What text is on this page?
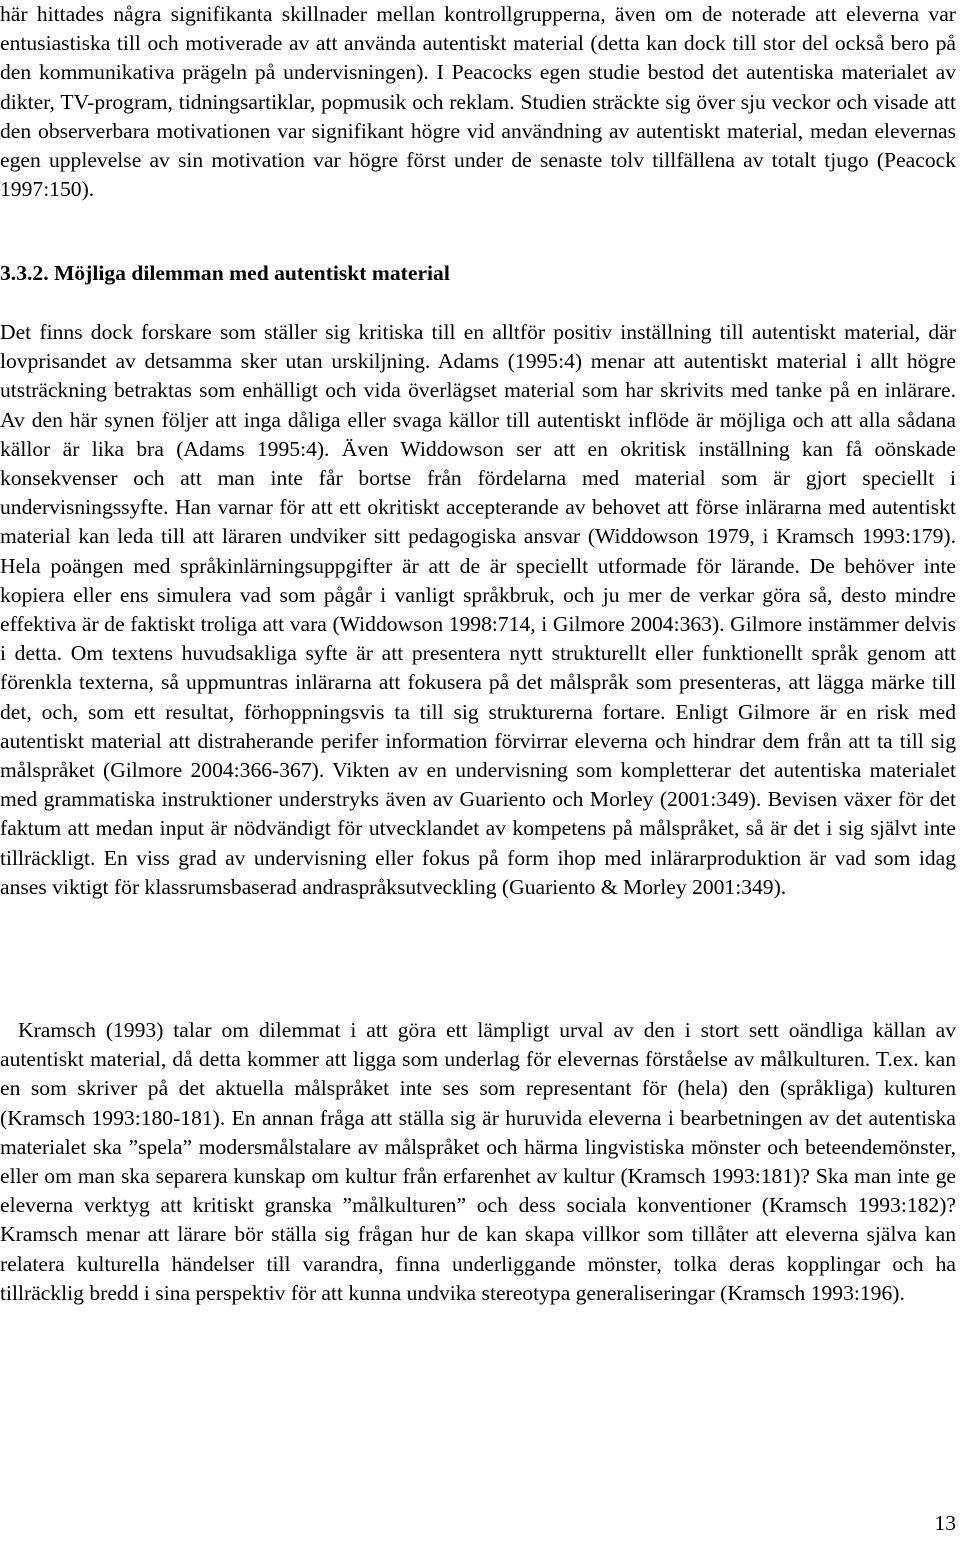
här hittades några signifikanta skillnader mellan kontrollgrupperna, även om de noterade att eleverna var entusiastiska till och motiverade av att använda autentiskt material (detta kan dock till stor del också bero på den kommunikativa prägeln på undervisningen). I Peacocks egen studie bestod det autentiska materialet av dikter, TV-program, tidningsartiklar, popmusik och reklam. Studien sträckte sig över sju veckor och visade att den observerbara motivationen var signifikant högre vid användning av autentiskt material, medan elevernas egen upplevelse av sin motivation var högre först under de senaste tolv tillfällena av totalt tjugo (Peacock 1997:150).

3.3.2. Möjliga dilemman med autentiskt material

Det finns dock forskare som ställer sig kritiska till en alltför positiv inställning till autentiskt material, där lovprisandet av detsamma sker utan urskiljning. Adams (1995:4) menar att autentiskt material i allt högre utsträckning betraktas som enhälligt och vida överlägset material som har skrivits med tanke på en inlärare. Av den här synen följer att inga dåliga eller svaga källor till autentiskt inflöde är möjliga och att alla sådana källor är lika bra (Adams 1995:4). Även Widdowson ser att en okritisk inställning kan få oönskade konsekvenser och att man inte får bortse från fördelarna med material som är gjort speciellt i undervisningssyfte. Han varnar för att ett okritiskt accepterande av behovet att förse inlärarna med autentiskt material kan leda till att läraren undviker sitt pedagogiska ansvar (Widdowson 1979, i Kramsch 1993:179). Hela poängen med språkinlärningsuppgifter är att de är speciellt utformade för lärande. De behöver inte kopiera eller ens simulera vad som pågår i vanligt språkbruk, och ju mer de verkar göra så, desto mindre effektiva är de faktiskt troliga att vara (Widdowson 1998:714, i Gilmore 2004:363). Gilmore instämmer delvis i detta. Om textens huvudsakliga syfte är att presentera nytt strukturellt eller funktionellt språk genom att förenkla texterna, så uppmuntras inlärarna att fokusera på det målspråk som presenteras, att lägga märke till det, och, som ett resultat, förhoppningsvis ta till sig strukturerna fortare. Enligt Gilmore är en risk med autentiskt material att distraherande perifer information förvirrar eleverna och hindrar dem från att ta till sig målspråket (Gilmore 2004:366-367). Vikten av en undervisning som kompletterar det autentiska materialet med grammatiska instruktioner understryks även av Guariento och Morley (2001:349). Bevisen växer för det faktum att medan input är nödvändigt för utvecklandet av kompetens på målspråket, så är det i sig självt inte tillräckligt. En viss grad av undervisning eller fokus på form ihop med inlärarproduktion är vad som idag anses viktigt för klassrumsbaserad andraspråksutveckling (Guariento & Morley 2001:349).

Kramsch (1993) talar om dilemmat i att göra ett lämpligt urval av den i stort sett oändliga källan av autentiskt material, då detta kommer att ligga som underlag för elevernas förståelse av målkulturen. T.ex. kan en som skriver på det aktuella målspråket inte ses som representant för (hela) den (språkliga) kulturen (Kramsch 1993:180-181). En annan fråga att ställa sig är huruvida eleverna i bearbetningen av det autentiska materialet ska ”spela” modersmålstalare av målspråket och härma lingvistiska mönster och beteendemönster, eller om man ska separera kunskap om kultur från erfarenhet av kultur (Kramsch 1993:181)? Ska man inte ge eleverna verktyg att kritiskt granska ”målkulturen” och dess sociala konventioner (Kramsch 1993:182)? Kramsch menar att lärare bör ställa sig frågan hur de kan skapa villkor som tillåter att eleverna själva kan relatera kulturella händelser till varandra, finna underliggande mönster, tolka deras kopplingar och ha tillräcklig bredd i sina perspektiv för att kunna undvika stereotypa generaliseringar (Kramsch 1993:196).

13
